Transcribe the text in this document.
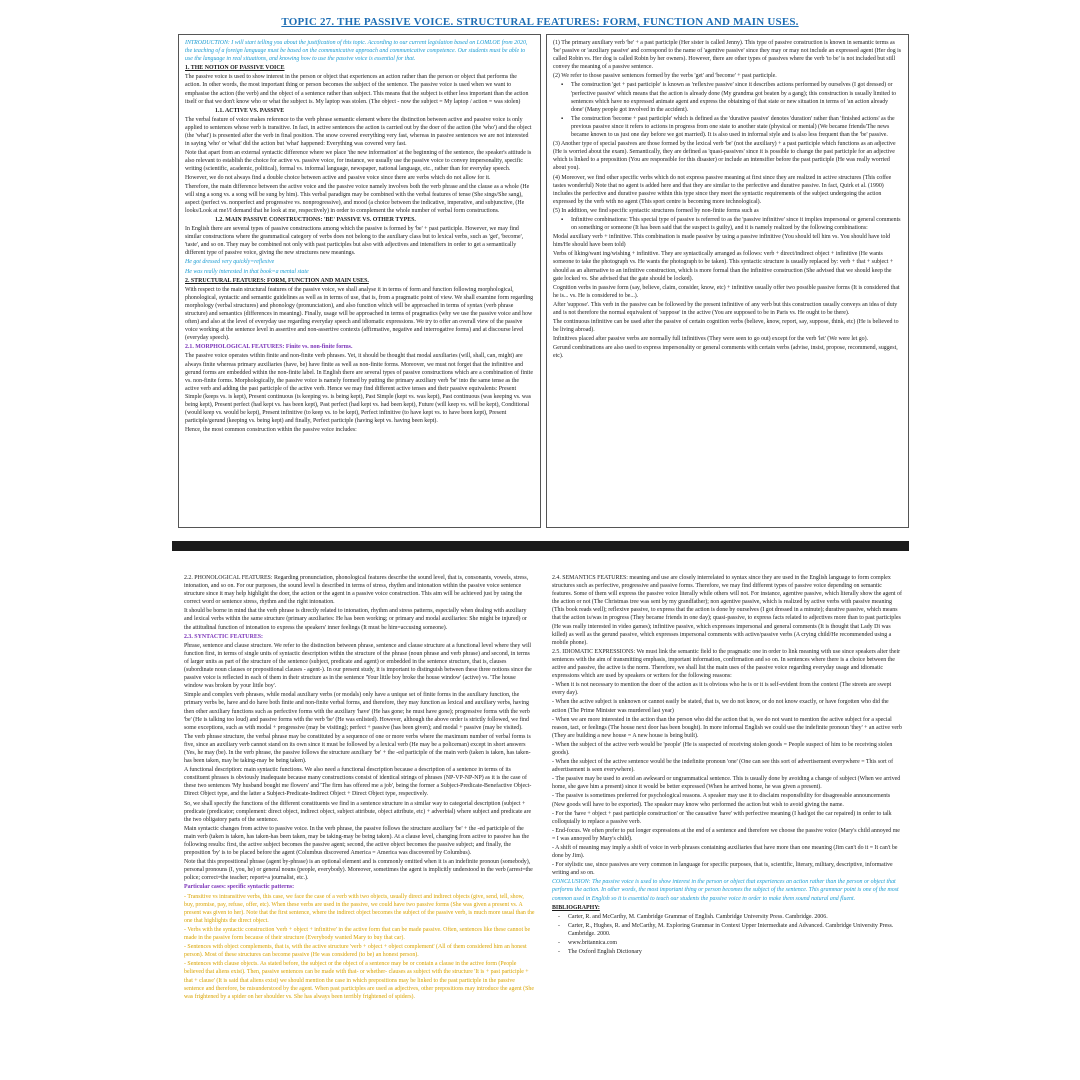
TOPIC 27. THE PASSIVE VOICE. STRUCTURAL FEATURES: FORM, FUNCTION AND MAIN USES.

INTRODUCTION: I will start telling you about the justification of this topic. According to our current legislation based on LOMLOE from 2020, the teaching of a foreign language must be based on the communicative approach and communicative competence. Our students must be able to use the language in real situations, and knowing how to use the passive voice is essential for that.

1. THE NOTION OF PASSIVE VOICE

The passive voice is used to show interest in the person or object that experiences an action rather than the person or object that performs the action. In other words, the most important thing or person becomes the subject of the sentence. The passive voice is used when we want to emphasise the action (the verb) and the object of a sentence rather than subject. This means that the subject is either less important than the action itself or that we don't know who or what the subject is. My laptop was stolen. (The object - now the subject = My laptop / action = was stolen)

1.1. ACTIVE VS. PASSIVE

The verbal feature of voice makes reference to the verb phrase semantic element where the distinction between active and passive voice is only applied to sentences whose verb is transitive. In fact, in active sentences the action is carried out by the doer of the action (the 'who') and the object (the 'what') is presented after the verb in final position. The snow covered everything very fast, whereas in passive sentences we are not interested in saying 'who' or 'what' did the action but 'what' happened: Everything was covered very fast.

Note that apart from an external syntactic difference where we place 'the new information' at the beginning of the sentence, the speaker's attitude is also relevant to establish the choice for active vs. passive voice, for instance, we usually use the passive voice to convey impersonality, specific writing (scientific, academic, political), formal vs. informal language, newspaper, national language, etc., rather than for everyday speech. However, we do not always find a double choice between active and passive voice since there are verbs which do not allow for it.

Therefore, the main difference between the active voice and the passive voice namely involves both the verb phrase and the clause as a whole (He will sing a song vs. a song will be sung by him). This verbal paradigm may be combined with the verbal features of tense (She sings/She sang), aspect (perfect vs. nonperfect and progressive vs. nonprogressive), and mood (a choice between the indicative, imperative, and subjunctive, (He looks/Look at me!/I demand that he look at me, respectively) in order to complement the whole number of verbal form constructions.

1.2. MAIN PASSIVE CONSTRUCTIONS: 'BE' PASSIVE VS. OTHER TYPES.

In English there are several types of passive constructions among which the passive is formed by 'be' + past participle. However, we may find similar constructions where the grammatical category of verbs does not belong to the auxiliary class but to lexical verbs, such as 'get', 'become', 'taste', and so on. They may be combined not only with past participles but also with adjectives and intensifiers in order to get a semantically different type of passive voice, giving the new structures new meanings.

He got dressed very quickly=reflexive

He was really interested in that book=a mental state

2. STRUCTURAL FEATURES: FORM, FUNCTION AND MAIN USES.

With respect to the main structural features of the passive voice, we shall analyse it in terms of form and function following morphological, phonological, syntactic and semantic guidelines as well as in terms of use, that is, from a pragmatic point of view. We shall examine form regarding morphology (verbal structures) and phonology (pronunciation), and also function which will be approached in terms of syntax (verb phrase structure) and semantics (differences in meaning). Finally, usage will be approached in terms of pragmatics (why we use the passive voice and how often) and also at the level of everyday use regarding everyday speech and idiomatic expressions. We try to offer an overall view of the passive voice working at the sentence level in assertive and non-assertive contexts (affirmative, negative and interrogative forms) and at discourse level (everyday speech).

2.1. MORPHOLOGICAL FEATURES: Finite vs. non-finite forms.

The passive voice operates within finite and non-finite verb phrases. Yet, it should be thought that modal auxiliaries (will, shall, can, might) are always finite whereas primary auxiliaries (have, be) have finite as well as non-finite forms. Moreover, we must not forget that the infinitive and gerund forms are embedded within the non-finite label. In English there are several types of passive constructions which are a combination of finite vs. non-finite forms. Morphologically, the passive voice is namely formed by putting the primary auxiliary verb 'be' into the same tense as the active verb and adding the past participle of the active verb. Hence we may find different active tenses and their passive equivalents: Present Simple (keeps vs. is kept), Present continuous (is keeping vs. is being kept), Past Simple (kept vs. was kept), Past continuous (was keeping vs. was being kept), Present perfect (had kept vs. has been kept), Past perfect (had kept vs. had been kept), Future (will keep vs. will be kept), Conditional (would keep vs. would be kept), Present infinitive (to keep vs. to be kept), Perfect infinitive (to have kept vs. to have been kept), Present participle/gerund (keeping vs. being kept) and finally, Perfect participle (having kept vs. having been kept).

Hence, the most common construction within the passive voice includes:

(1) The primary auxiliary verb 'be' + a past participle (Her sister is called Jenny). This type of passive construction is known in semantic terms as 'be' passive or 'auxiliary passive' and correspond to the name of 'agentive passive' since they may or may not include an expressed agent (Her dog is called Robin vs. Her dog is called Robin by her owners). However, there are other types of passives where the verb 'to be' is not included but still convey the meaning of a passive sentence.

(2) We refer to those passive sentences formed by the verbs 'get' and 'become' + past participle.

▪ The construction 'get + past participle' is known as 'reflexive passive' since it describes actions performed by ourselves (I got dressed) or 'perfective passive' which means that the action is already done (My grandma got beaten by a gang); this construction is usually limited to sentences which have no expressed animate agent and express the obtaining of that state or new situation in terms of 'an action already done' (Many people got involved in the accident).

▪ The construction 'become + past participle' which is defined as the 'durative passive' denotes 'duration' rather than 'finished actions' as the previous passive since it refers to actions in progress from one state to another state (physical or mental) (We became friends/The news became known to us just one day before we got married). It is also used in informal style and is also less frequent than the 'be' passive.

(3) Another type of special passives are those formed by the lexical verb 'be' (not the auxiliary) + a past participle which functions as an adjective (He is worried about the exam). Semantically, they are defined as 'quasi-passives' since it is possible to change the past participle for an adjective which is linked to a preposition (You are responsible for this disaster) or include an intensifier before the past participle (He was really worried about you).

(4) Moreover, we find other specific verbs which do not express passive meaning at first since they are realized in active structures (This coffee tastes wonderful) Note that no agent is added here and that they are similar to the perfective and durative passive. In fact, Quirk et al. (1990) includes the perfective and durative passive within this type since they meet the syntactic requirements of the subject undergoing the action expressed by the verb with no agent (This sport centre is becoming more technological).

(5) In addition, we find specific syntactic structures formed by non-finite forms such as

▪ Infinitive combinations: This special type of passive is referred to as the 'passive infinitive' since it implies impersonal or general comments on something or someone (It has been said that the suspect is guilty), and it is namely realized by the following combinations:

Modal auxiliary verb + infinitive. This combination is made passive by using a passive infinitive (You should tell him vs. You should have told him/He should have been told)

Verbs of liking/want ing/wishing + infinitive. They are syntactically arranged as follows: verb + direct/indirect object + infinitive (He wants someone to take the photograph vs. He wants the photograph to be taken). This syntactic structure is usually replaced by: verb + that + subject + should as an alternative to an infinitive construction, which is more formal than the infinitive construction (She advised that we should keep the gate locked vs. She advised that the gate should be locked).

Cognition verbs in passive form (say, believe, claim, consider, know, etc) + infinitive usually offer two possible passive forms (It is considered that he is... vs. He is considered to be...).

After 'suppose'. This verb in the passive can be followed by the present infinitive of any verb but this construction usually conveys an idea of duty and is not therefore the normal equivalent of 'suppose' in the active (You are supposed to be in Paris vs. He ought to be there).

The continuous infinitive can be used after the passive of certain cognition verbs (believe, know, report, say, suppose, think, etc) (He is believed to be living abroad).

Infinitives placed after passive verbs are normally full infinitives (They were seen to go out) except for the verb 'let' (We were let go).

Gerund combinations are also used to express impersonality or general comments with certain verbs (advise, insist, propose, recommend, suggest, etc).

2.2. PHONOLOGICAL FEATURES: Regarding pronunciation, phonological features describe the sound level, that is, consonants, vowels, stress, intonation, and so on. For our purposes, the sound level is described in terms of stress, rhythm and intonation within the passive voice sentence structure since it may help highlight the doer, the action or the agent in a passive voice construction. This aim will be achieved just by using the correct word or sentence stress, rhythm and the right intonation.

It should be borne in mind that the verb phrase is directly related to intonation, rhythm and stress patterns, especially when dealing with auxiliary and lexical verbs within the same structure (primary auxiliaries: He has been working; or primary and modal auxiliaries: She might be injured) or the attitudinal function of intonation to express the speakers' inner feelings (It must be him=accusing someone).

2.3. SYNTACTIC FEATURES:

Phrase, sentence and clause structure. We refer to the distinction between phrase, sentence and clause structure at a functional level where they will function first, in terms of single units of syntactic description within the structure of the phrase (noun phrase and verb phrase) and second, in terms of larger units as part of the structure of the sentence (subject, predicate and agent) or embedded in the sentence structure, that is, clauses (subordinate noun clauses or prepositional clauses - agent-). In our present study, it is important to distinguish between these three notions since the passive voice is reflected in each of them in their structure as in the sentence 'Your little boy broke the house window' (active) vs. 'The house window was broken by your little boy'.

Simple and complex verb phrases, while modal auxiliary verbs (or modals) only have a unique set of finite forms in the auxiliary function, the primary verbs be, have and do have both finite and non-finite verbal forms, and therefore, they may function as lexical and auxiliary verbs, having then other auxiliary functions such as perfective forms with the auxiliary 'have' (He has gone; he must have gone); progressive forms with the verb 'be' (He is talking too loud) and passive forms with the verb 'be' (He was enlisted). However, although the above order is strictly followed, we find some exceptions, such as with modal + progressive (may be visiting); perfect + passive (has been given); and modal + passive (may be visited).

The verb phrase structure, the verbal phrase may be constituted by a sequence of one or more verbs where the maximum number of verbal forms is five, since an auxiliary verb cannot stand on its own since it must be followed by a lexical verb (He may be a policeman) except in short answers (Yes, he may (be). In the verb phrase, the passive follows the structure auxiliary 'be' + the -ed participle of the main verb (taken is taken, has taken-has been taken, may be taking-may be being taken).

A functional description: main syntactic functions. We also need a functional description because a description of a sentence in terms of its constituent phrases is obviously inadequate because many constructions consist of identical strings of phrases (NP-VP-NP-NP) as it is the case of these two sentences 'My husband bought me flowers' and 'The firm has offered me a job', being the former a Subject-Predicate-Benefactive Object-Direct Object type, and the latter a Subject-Predicate-Indirect Object + Direct Object type, respectively.

So, we shall specify the functions of the different constituents we find in a sentence structure in a similar way to categorial description (subject + predicate (predicator; complement: direct object, indirect object, subject attribute, object attribute, etc) + adverbial) where subject and predicate are the two obligatory parts of the sentence.

Main syntactic changes from active to passive voice. In the verb phrase, the passive follows the structure auxiliary 'be' + the -ed participle of the main verb (taken is taken, has taken-has been taken, may be taking-may be being taken). At a clause level, changing from active to passive has the following results: first, the active subject becomes the passive agent; second, the active object becomes the passive subject; and finally, the preposition 'by' is to be placed before the agent (Columbus discovered America = America was discovered by Columbus).

Note that this prepositional phrase (agent by-phrase) is an optional element and is commonly omitted when it is an indefinite pronoun (somebody), personal pronouns (I, you, he) or general nouns (people, everybody). Moreover, sometimes the agent is implicitly understood in the verb (arrest=the police; correct=the teacher; report=a journalist, etc.).

Particular cases: specific syntactic patterns:

- Transitive vs intransitive verbs, this case, we face the case of a verb with two objects, usually direct and indirect objects (give, send, tell, show, buy, promise, pay, refuse, offer, etc). When these verbs are used in the passive, we could have two passive forms (She was given a present vs. A present was given to her). Note that the first sentence, where the indirect object becomes the subject of the passive verb, is much more usual than the one that highlights the direct object.

- Verbs with the syntactic construction 'verb + object + infinitive' in the active form that can be made passive. Often, sentences like these cannot be made in the passive form because of their structure (Everybody wanted Mary to buy that car).

- Sentences with object complements, that is, with the active structure 'verb + object + object complement' (All of them considered him an honest person). Most of these structures can become passive (He was considered (to be) an honest person).

- Sentences with clause objects. As stated before, the subject or the object of a sentence may be or contain a clause in the active form (People believed that aliens exist). Then, passive sentences can be made with that- or whether- clauses as subject with the structure 'It is + past participle + that + clause' (It is said that aliens exist) we should mention the case in which prepositions may be linked to the past participle in the passive sentence and therefore, be misunderstood by the agent. When past participles are used as adjectives, other prepositions may introduce the agent (She was frightened by a spider on her shoulder vs. She has always been terribly frightened of spiders).

2.4. SEMANTICS FEATURES: meaning and use are closely interrelated to syntax since they are used in the English language to form complex structures such as perfective, progressive and passive forms. Therefore, we may find different types of passive voice depending on semantic features. Some of them will express the passive voice literally while others will not. For instance, agentive passive, which literally show the agent of the action or not (The Christmas tree was sent by my grandfather); non agentive passive, which is realized by active verbs with passive meaning (This book reads well); reflexive passive, to express that the action is done by ourselves (I got dressed in a minute); durative passive, which means that the action is/was in progress (They became friends in one day); quasi-passive, to express facts related to adjectives more than to past participles (He was really interested in video games); infinitive passive, which expresses impersonal and general comments (It is thought that Lady Di was killed) as well as the gerund passive, which expresses impersonal comments with active/passive verbs (A crying child/He recommended using a mobile phone).

2.5. IDIOMATIC EXPRESSIONS: We must link the semantic field to the pragmatic one in order to link meaning with use since speakers alter their sentences with the aim of transmitting emphasis, important information, confirmation and so on. In sentences where there is a choice between the active and passive, the active is the norm. Therefore, we shall list the main uses of the passive voice regarding everyday usage and idiomatic expressions which are used by speakers or writers for the following reasons:

- When it is not necessary to mention the doer of the action as it is obvious who he is or it is self-evident from the context (The streets are swept every day).

- When the active subject is unknown or cannot easily be stated, that is, we do not know, or do not know exactly, or have forgotten who did the action (The Prime Minister was murdered last year)

- When we are more interested in the action than the person who did the action that is, we do not want to mention the active subject for a special reason, tact, or feelings (The house next door has been bought). In more informal English we could use the indefinite pronoun 'they' + an active verb (They are building a new house = A new house is being built).

- When the subject of the active verb would be 'people' (He is suspected of receiving stolen goods = People suspect of him to be receiving stolen goods).

- When the subject of the active sentence would be the indefinite pronoun 'one' (One can see this sort of advertisement everywhere = This sort of advertisement is seen everywhere).

- The passive may be used to avoid an awkward or ungrammatical sentence. This is usually done by avoiding a change of subject (When we arrived home, she gave him a present) since it would be better expressed (When he arrived home, he was given a present).

- The passive is sometimes preferred for psychological reasons. A speaker may use it to disclaim responsibility for disagreeable announcements (New goods will have to be exported). The speaker may know who performed the action but wish to avoid giving the name.

- For the 'have + object + past participle construction' or 'the causative 'have' with perfective meaning (I had/got the car repaired) in order to talk colloquially to replace a passive verb.

- End-focus. We often prefer to put longer expressions at the end of a sentence and therefore we choose the passive voice (Mary's child annoyed me = I was annoyed by Mary's child).

- A shift of meaning may imply a shift of voice in verb phrases containing auxiliaries that have more than one meaning (Jim can't do it = It can't be done by Jim).

- For stylistic use, since passives are very common in language for specific purposes, that is, scientific, literary, military, descriptive, informative writing and so on.

CONCLUSION: The passive voice is used to show interest in the person or object that experiences an action rather than the person or object that performs the action. In other words, the most important thing or person becomes the subject of the sentence. This grammar point is one of the most common used in English so it is essential to teach our students the passive voice in order to make them sound natural and fluent.

BIBLIOGRAPHY:

- Carter, R. and McCarthy, M. Cambridge Grammar of English. Cambridge University Press. Cambridge. 2006.

- Carter, R., Hughes, R. and McCarthy, M. Exploring Grammar in Context Upper Intermediate and Advanced. Cambridge University Press. Cambridge. 2000.

- www.britannica.com

- The Oxford English Dictionary
